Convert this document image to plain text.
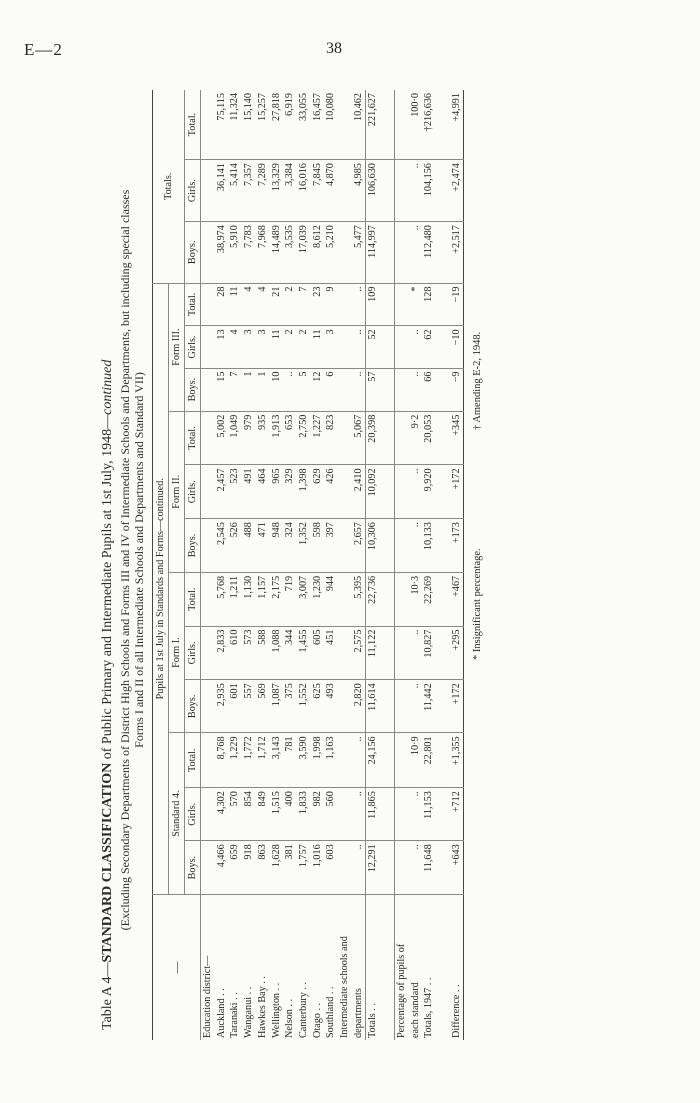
E—2	38
Table A 4—STANDARD CLASSIFICATION of Public Primary and Intermediate Pupils at 1st July, 1948—continued (Excluding Secondary Departments of District High Schools and Forms III and IV of Intermediate Schools and Departments, but including special classes Forms I and II of all Intermediate Schools and Departments and Standard VII)
—	Pupils at 1st July in Standards and Forms—continued.												Totals.		
	Standard 4.			Form I.			Form II.			Form III.					
	Boys.	Girls.	Total.	Boys.	Girls.	Total.	Boys.	Girls.	Total.	Boys.	Girls.	Total.	Boys.	Girls.	Total.
Education district—															
Auckland . .	4,466	4,302	8,768	2,935	2,833	5,768	2,545	2,457	5,002	15	13	28	38,974	36,141	75,115
Taranaki . .	659	570	1,229	601	610	1,211	526	523	1,049	7	4	11	5,910	5,414	11,324
Wanganui . .	918	854	1,772	557	573	1,130	488	491	979	1	3	4	7,783	7,357	15,140
Hawkes Bay . .	863	849	1,712	569	588	1,157	471	464	935	1	3	4	7,968	7,289	15,257
Wellington . .	1,628	1,515	3,143	1,087	1,088	2,175	948	965	1,913	10	11	21	14,489	13,329	27,818
Nelson . .	381	400	781	375	344	719	324	329	653	..	2	2	3,535	3,384	6,919
Canterbury . .	1,757	1,833	3,590	1,552	1,455	3,007	1,352	1,398	2,750	5	2	7	17,039	16,016	33,055
Otago . .	1,016	982	1,998	625	605	1,230	598	629	1,227	12	11	23	8,612	7,845	16,457
Southland . .	603	560	1,163	493	451	944	397	426	823	6	3	9	5,210	4,870	10,080
Intermediate schools and															
departments	..	..	..	2,820	2,575	5,395	2,657	2,410	5,067	..	..	..	5,477	4,985	10,462
Totals . .	12,291	11,865	24,156	11,614	11,122	22,736	10,306	10,092	20,398	57	52	109	114,997	106,630	221,627

Percentage of pupils of															
each standard	..	..	10·9	..	..	10·3	..	..	9·2	..	..	*	..	..	100·0
Totals, 1947 . .	11,648	11,153	22,801	11,442	10,827	22,269	10,133	9,920	20,053	66	62	128	112,480	104,156	†216,636

Difference . .	+643	+712	+1,355	+172	+295	+467	+173	+172	+345	−9	−10	−19	+2,517	+2,474	+4,991
* Insignificant percentage.
† Amending E-2, 1948.
